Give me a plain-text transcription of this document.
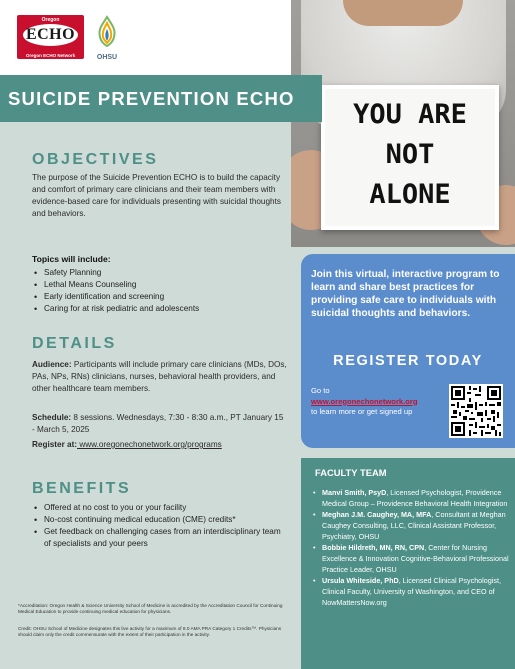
Oregon
ECHO
Oregon ECHO Network	OHSU
YOU ARE
NOT
ALONE
SUICIDE PREVENTION ECHO
OBJECTIVES
The purpose of the Suicide Prevention ECHO is to build the capacity and comfort of primary care clinicians and their team members with evidence-based care for individuals presenting with suicidal thoughts and behaviors.
Topics will include:
• Safety Planning
• Lethal Means Counseling
• Early identification and screening
• Caring for at risk pediatric and adolescents
DETAILS
Audience: Participants will include primary care clinicians (MDs, DOs, PAs, NPs, RNs) clinicians, nurses, behavioral health providers, and other healthcare team members.
Schedule: 8 sessions. Wednesdays, 7:30 - 8:30 a.m., PT January 15 - March 5, 2025
Register at: www.oregonechonetwork.org/programs
BENEFITS
• Offered at no cost to you or your facility
• No-cost continuing medical education (CME) credits*
• Get feedback on challenging cases from an interdisciplinary team of specialists and your peers
*Accreditation: Oregon Health & Science University School of Medicine is accredited by the Accreditation Council for Continuing Medical Education to provide continuing medical education for physicians.
Credit: OHSU School of Medicine designates this live activity for a maximum of 8.0 AMA PRA Category 1 Credits™. Physicians should claim only the credit commensurate with the extent of their participation in the activity.
Join this virtual, interactive program to learn and share best practices for providing safe care to individuals with suicidal thoughts and behaviors.
REGISTER TODAY
Go to
www.oregonechonetwork.org
to learn more or get signed up
FACULTY TEAM
• Manvi Smith, PsyD, Licensed Psychologist, Providence Medical Group – Providence Behavioral Health Integration
• Meghan J.M. Caughey, MA, MFA, Consultant at Meghan Caughey Consulting, LLC, Clinical Assistant Professor, Psychiatry, OHSU
• Bobbie Hildreth, MN, RN, CPN, Center for Nursing Excellence & Innovation Cognitive-Behavioral Professional Practice Leader, OHSU
• Ursula Whiteside, PhD, Licensed Clinical Psychologist, Clinical Faculty, University of Washington, and CEO of NowMattersNow.org
